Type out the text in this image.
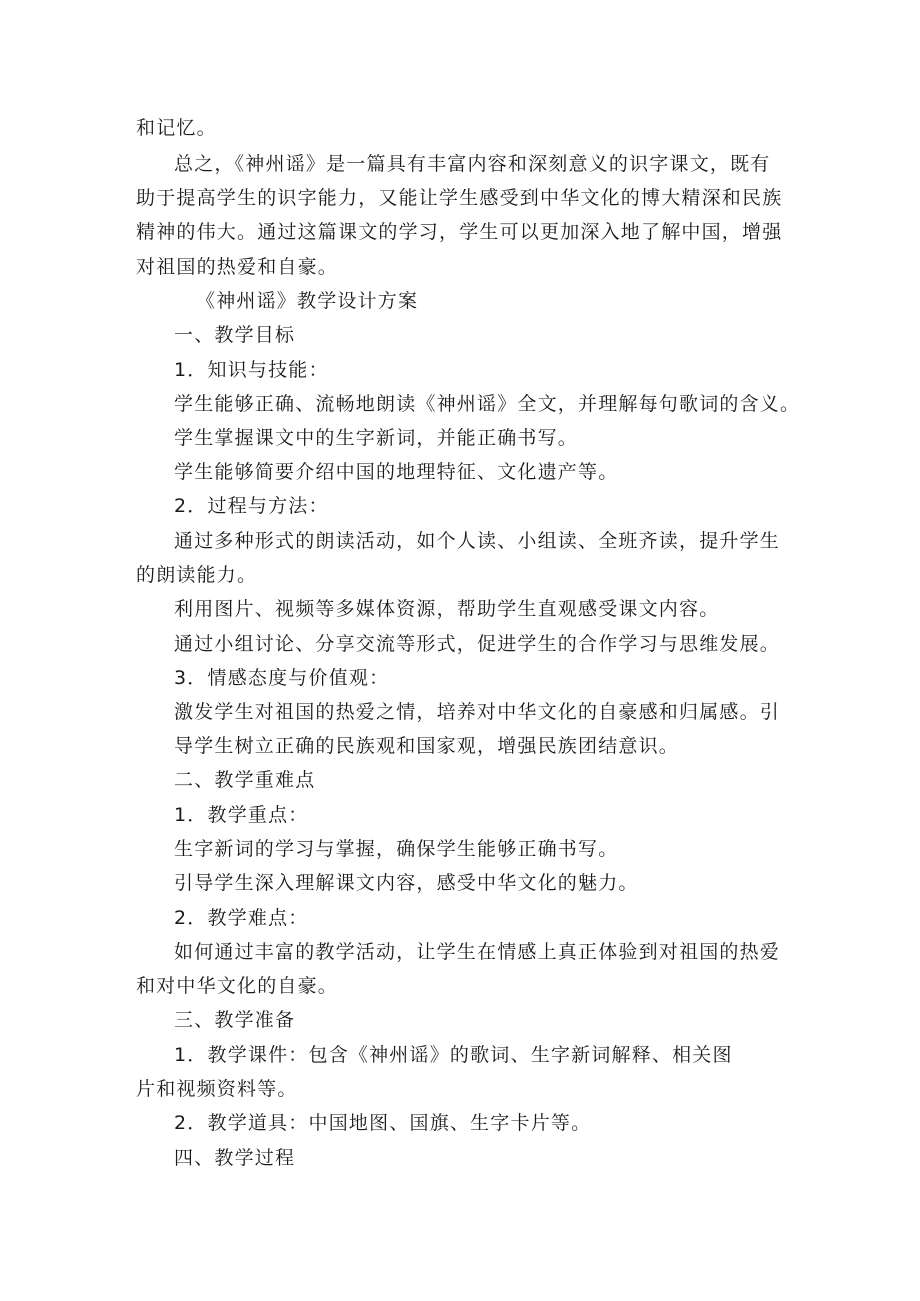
和记忆。
总之，《神州谣》是一篇具有丰富内容和深刻意义的识字课文，既有
助于提高学生的识字能力，又能让学生感受到中华文化的博大精深和民族
精神的伟大。通过这篇课文的学习，学生可以更加深入地了解中国，增强
对祖国的热爱和自豪。
《神州谣》教学设计方案
一、教学目标
1．知识与技能：
学生能够正确、流畅地朗读《神州谣》全文，并理解每句歌词的含义。
学生掌握课文中的生字新词，并能正确书写。
学生能够简要介绍中国的地理特征、文化遗产等。
2．过程与方法：
通过多种形式的朗读活动，如个人读、小组读、全班齐读，提升学生
的朗读能力。
利用图片、视频等多媒体资源，帮助学生直观感受课文内容。
通过小组讨论、分享交流等形式，促进学生的合作学习与思维发展。
3．情感态度与价值观：
激发学生对祖国的热爱之情，培养对中华文化的自豪感和归属感。引
导学生树立正确的民族观和国家观，增强民族团结意识。
二、教学重难点
1．教学重点：
生字新词的学习与掌握，确保学生能够正确书写。
引导学生深入理解课文内容，感受中华文化的魅力。
2．教学难点：
如何通过丰富的教学活动，让学生在情感上真正体验到对祖国的热爱
和对中华文化的自豪。
三、教学准备
1．教学课件：包含《神州谣》的歌词、生字新词解释、相关图
片和视频资料等。
2．教学道具：中国地图、国旗、生字卡片等。
四、教学过程
